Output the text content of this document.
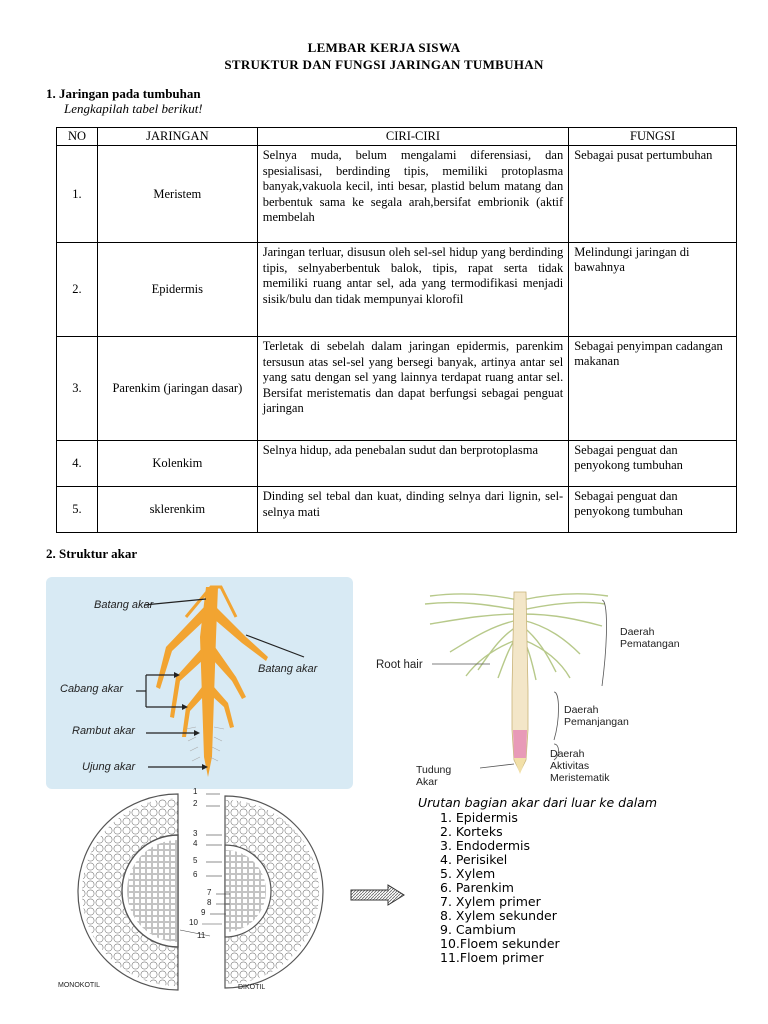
LEMBAR KERJA SISWA
STRUKTUR DAN FUNGSI JARINGAN TUMBUHAN
1. Jaringan pada tumbuhan
Lengkapilah tabel berikut!
NO	JARINGAN	CIRI-CIRI	FUNGSI
1.	Meristem	Selnya muda, belum mengalami diferensiasi, dan spesialisasi, berdinding tipis, memiliki protoplasma banyak,vakuola kecil, inti besar, plastid belum matang dan berbentuk sama ke segala arah,bersifat embrionik (aktif membelah	Sebagai pusat pertumbuhan
2.	Epidermis	Jaringan terluar, disusun oleh sel-sel hidup yang berdinding tipis, selnyaberbentuk balok, tipis, rapat serta tidak memiliki ruang antar sel, ada yang termodifikasi menjadi sisik/bulu dan tidak mempunyai klorofil	Melindungi jaringan di bawahnya
3.	Parenkim (jaringan dasar)	Terletak di sebelah dalam jaringan epidermis, parenkim tersusun atas sel-sel yang bersegi banyak, artinya antar sel yang satu dengan sel yang lainnya terdapat ruang antar sel. Bersifat meristematis dan dapat berfungsi sebagai penguat jaringan	Sebagai penyimpan cadangan makanan
4.	Kolenkim	Selnya hidup, ada penebalan sudut dan berprotoplasma	Sebagai penguat dan penyokong tumbuhan
5.	sklerenkim	Dinding sel tebal dan kuat, dinding selnya dari lignin, sel-selnya mati	Sebagai penguat dan penyokong tumbuhan
2. Struktur akar
Batang akar
Batang akar
Cabang akar
Rambut akar
Ujung akar
Root hair
Daerah
Pematangan
Daerah
Pemanjangan
Daerah
Aktivitas
Meristematik
Tudung
Akar
1
2
3
4
5
6
7
8
9
10
11
MONOKOTIL	DIKOTIL
Urutan bagian akar dari luar ke dalam
1. Epidermis
2. Korteks
3. Endodermis
4. Perisikel
5. Xylem
6. Parenkim
7. Xylem primer
8. Xylem sekunder
9. Cambium
10.Floem sekunder
11.Floem primer
